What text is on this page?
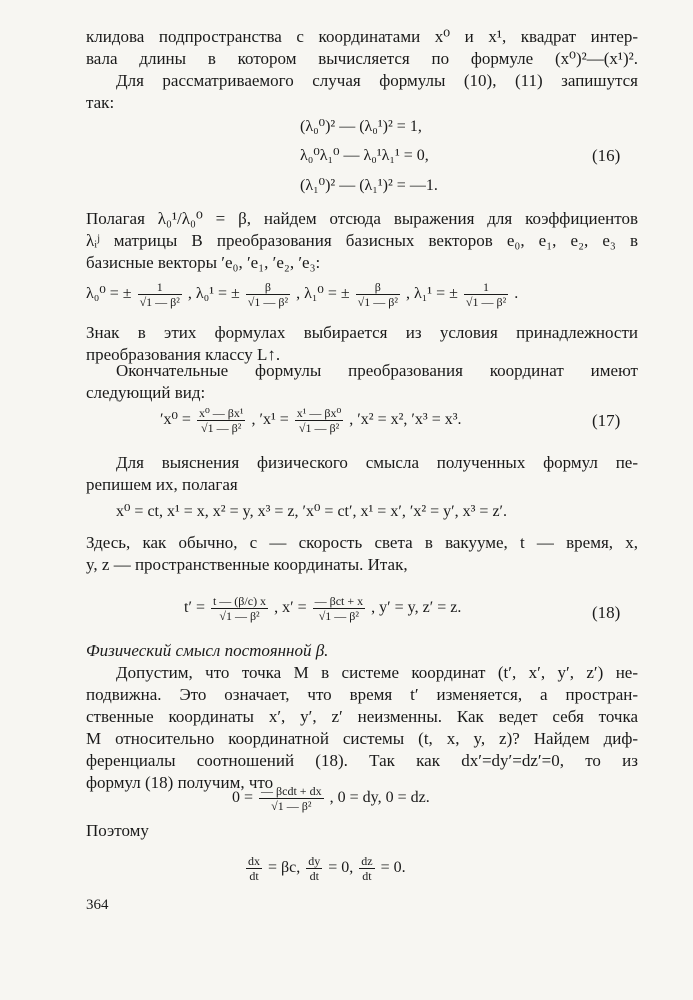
клидова подпространства с координатами x⁰ и x¹, квадрат интер-
вала длины в котором вычисляется по формуле (x⁰)²—(x¹)².
Для рассматриваемого случая формулы (10), (11) запишутся
так:
(λ₀⁰)² — (λ₀¹)² = 1,
λ₀⁰λ₁⁰ — λ₀¹λ₁¹ = 0,
(λ₁⁰)² — (λ₁¹)² = —1.
(16)
Полагая λ₀¹/λ₀⁰ = β, найдем отсюда выражения для коэффициентов
λᵢʲ матрицы B преобразования базисных векторов e₀, e₁, e₂, e₃ в
базисные векторы ′e₀, ′e₁, ′e₂, ′e₃:
λ₀⁰ = ± $\frac{1}{\text{√1 — β²}}$ , λ₀¹ = ± $\frac{\beta}{\text{√1 — β²}}$ , λ₁⁰ = ± $\frac{\beta}{\text{√1 — β²}}$ , λ₁¹ = ± $\frac{1}{\text{√1 — β²}}$ .
Знак в этих формулах выбирается из условия принадлежности
преобразования классу L↑.
Окончательные формулы преобразования координат имеют
следующий вид:
$'x^0 = \frac{\text{x⁰ — βx¹}}{\text{√1 — β²}}$ , $'x^1 = \frac{\text{x¹ — βx⁰}}{\text{√1 — β²}}$ , ′x² = x², ′x³ = x³.	(17)
Для выяснения физического смысла полученных формул пе-
репишем их, полагая
x⁰ = ct, x¹ = x, x² = y, x³ = z, ′x⁰ = ct′, x¹ = x′, ′x² = y′, x³ = z′.
Здесь, как обычно, c — скорость света в вакууме, t — время, x,
y, z — пространственные координаты. Итак,
$t' = \frac{t — (\beta/c) x}{\text{√1 — β²}}$ , $x' = \frac{\text{— βct + x}}{\text{√1 — β²}}$ , y′ = y, z′ = z.	(18)
Физический смысл постоянной β.
Допустим, что точка M в системе координат (t′, x′, y′, z′) не-
подвижна. Это означает, что время t′ изменяется, а простран-
ственные координаты x′, y′, z′ неизменны. Как ведет себя точка
M относительно координатной системы (t, x, y, z)? Найдем диф-
ференциалы соотношений (18). Так как dx′=dy′=dz′=0, то из
формул (18) получим, что
$0 = \frac{\text{— βcdt + dx}}{\text{√1 — β²}}$ , 0 = dy, 0 = dz.
Поэтому
$\frac{dx}{dt} = \beta c$, $\frac{dy}{dt} = 0$, $\frac{dz}{dt} = 0$.
364
